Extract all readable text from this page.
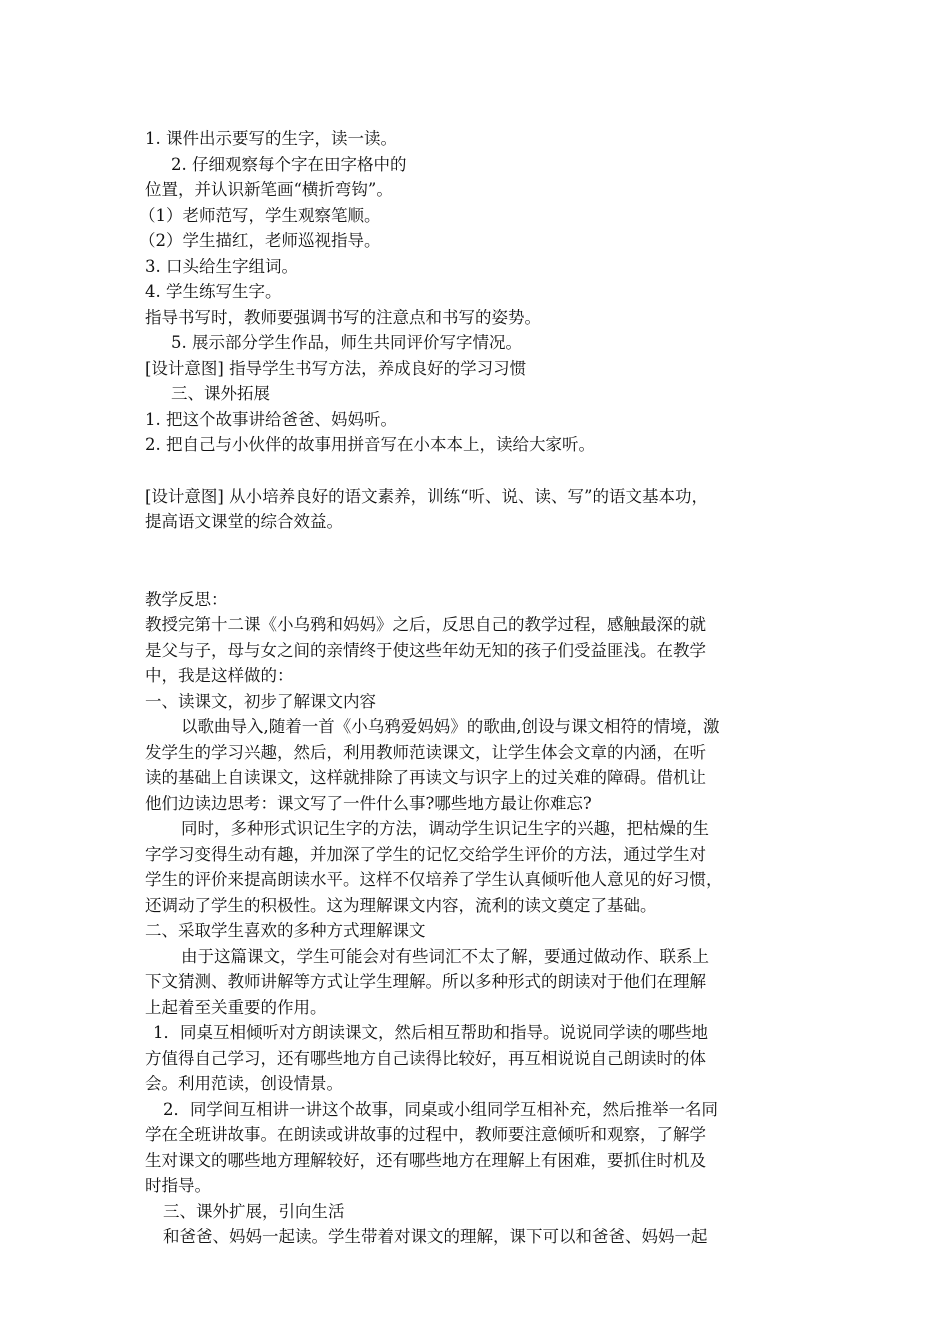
1. 课件出示要写的生字，读一读。
2. 仔细观察每个字在田字格中的
位置，并认识新笔画“横折弯钩”。
（1）老师范写，学生观察笔顺。
（2）学生描红，老师巡视指导。
3. 口头给生字组词。
4. 学生练写生字。
指导书写时，教师要强调书写的注意点和书写的姿势。
5. 展示部分学生作品，师生共同评价写字情况。
[设计意图] 指导学生书写方法，养成良好的学习习惯
三、课外拓展
1. 把这个故事讲给爸爸、妈妈听。
2. 把自己与小伙伴的故事用拼音写在小本本上，读给大家听。
[设计意图] 从小培养良好的语文素养，训练“听、说、读、写”的语文基本功，
提高语文课堂的综合效益。
教学反思：
教授完第十二课《小乌鸦和妈妈》之后，反思自己的教学过程，感触最深的就
是父与子，母与女之间的亲情终于使这些年幼无知的孩子们受益匪浅。在教学
中，我是这样做的：
一、读课文，初步了解课文内容
以歌曲导入,随着一首《小乌鸦爱妈妈》的歌曲,创设与课文相符的情境，激
发学生的学习兴趣，然后，利用教师范读课文，让学生体会文章的内涵，在听
读的基础上自读课文，这样就排除了再读文与识字上的过关难的障碍。借机让
他们边读边思考：课文写了一件什么事?哪些地方最让你难忘?
同时，多种形式识记生字的方法，调动学生识记生字的兴趣，把枯燥的生
字学习变得生动有趣，并加深了学生的记忆交给学生评价的方法，通过学生对
学生的评价来提高朗读水平。这样不仅培养了学生认真倾听他人意见的好习惯，
还调动了学生的积极性。这为理解课文内容，流利的读文奠定了基础。
二、采取学生喜欢的多种方式理解课文
由于这篇课文，学生可能会对有些词汇不太了解，要通过做动作、联系上
下文猜测、教师讲解等方式让学生理解。所以多种形式的朗读对于他们在理解
上起着至关重要的作用。
1．同桌互相倾听对方朗读课文，然后相互帮助和指导。说说同学读的哪些地
方值得自己学习，还有哪些地方自己读得比较好，再互相说说自己朗读时的体
会。利用范读，创设情景。
2．同学间互相讲一讲这个故事，同桌或小组同学互相补充，然后推举一名同
学在全班讲故事。在朗读或讲故事的过程中，教师要注意倾听和观察，了解学
生对课文的哪些地方理解较好，还有哪些地方在理解上有困难，要抓住时机及
时指导。
三、课外扩展，引向生活
和爸爸、妈妈一起读。学生带着对课文的理解，课下可以和爸爸、妈妈一起
